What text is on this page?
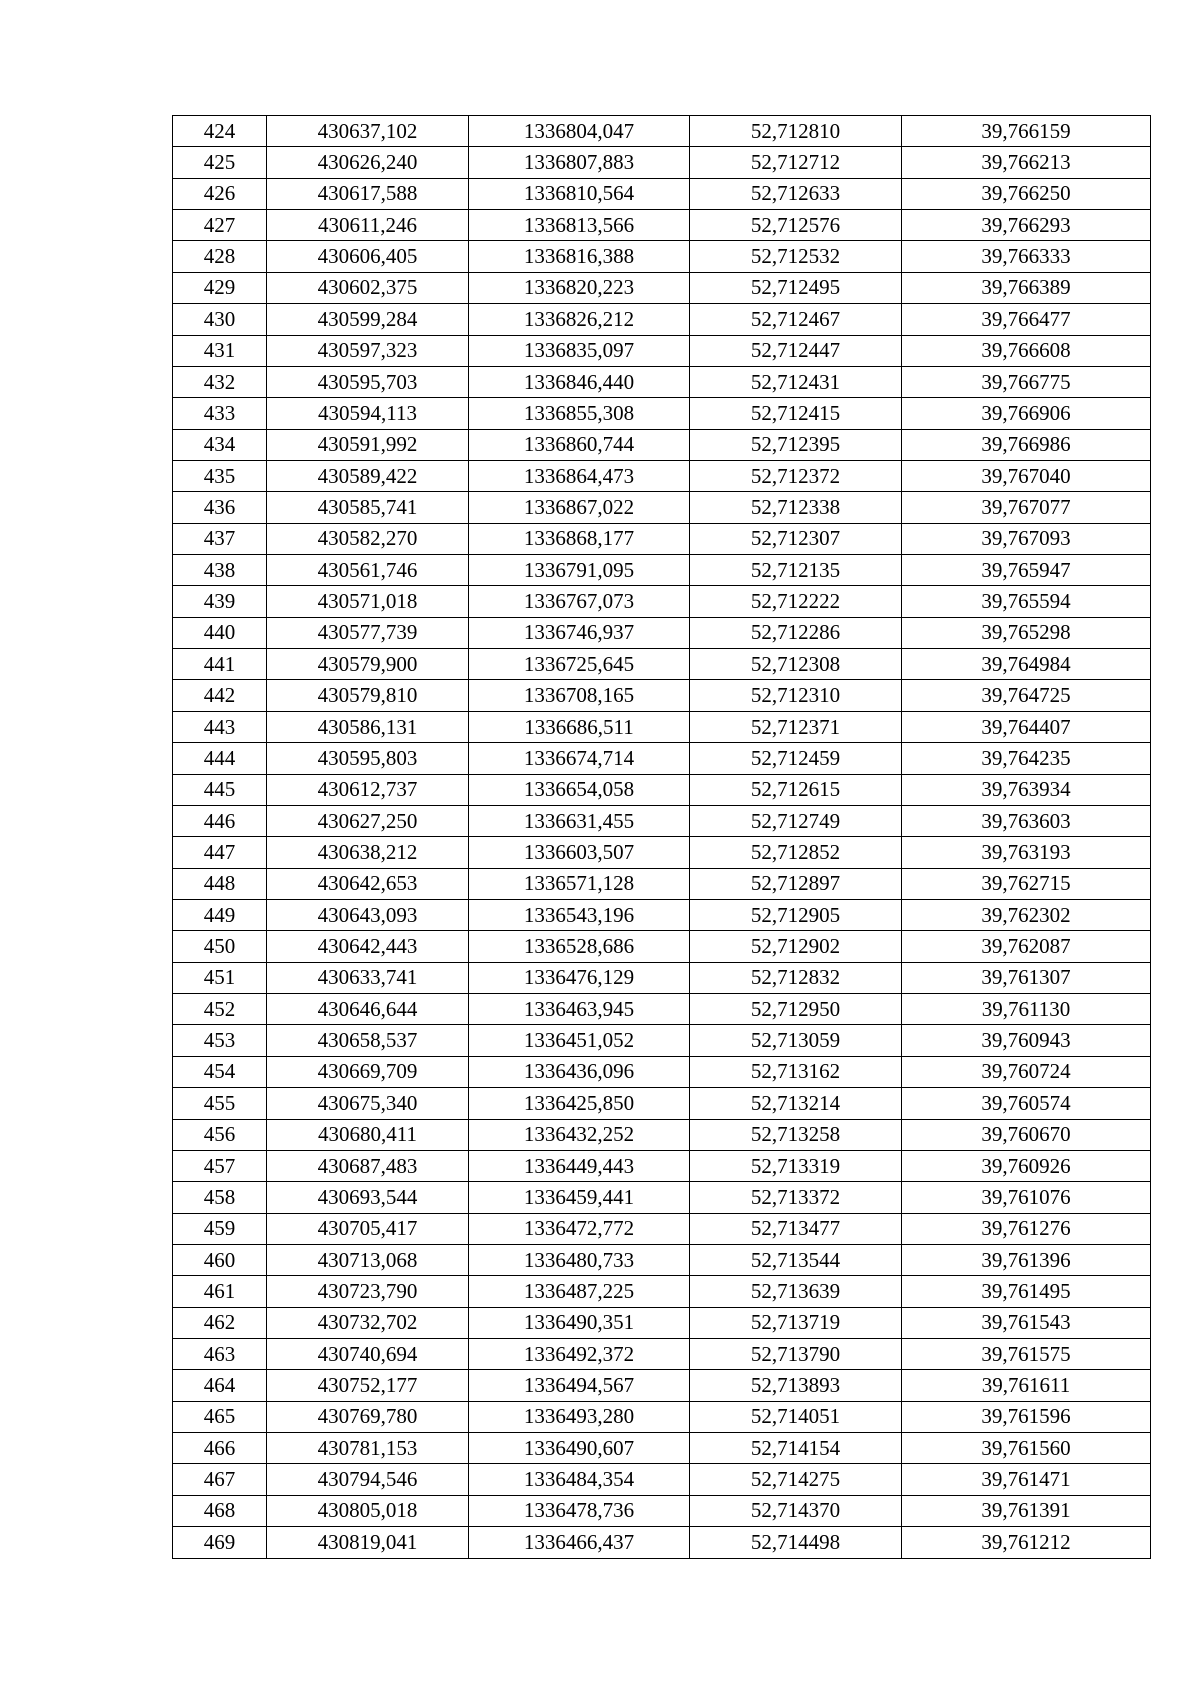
424	430637,102	1336804,047	52,712810	39,766159
425	430626,240	1336807,883	52,712712	39,766213
426	430617,588	1336810,564	52,712633	39,766250
427	430611,246	1336813,566	52,712576	39,766293
428	430606,405	1336816,388	52,712532	39,766333
429	430602,375	1336820,223	52,712495	39,766389
430	430599,284	1336826,212	52,712467	39,766477
431	430597,323	1336835,097	52,712447	39,766608
432	430595,703	1336846,440	52,712431	39,766775
433	430594,113	1336855,308	52,712415	39,766906
434	430591,992	1336860,744	52,712395	39,766986
435	430589,422	1336864,473	52,712372	39,767040
436	430585,741	1336867,022	52,712338	39,767077
437	430582,270	1336868,177	52,712307	39,767093
438	430561,746	1336791,095	52,712135	39,765947
439	430571,018	1336767,073	52,712222	39,765594
440	430577,739	1336746,937	52,712286	39,765298
441	430579,900	1336725,645	52,712308	39,764984
442	430579,810	1336708,165	52,712310	39,764725
443	430586,131	1336686,511	52,712371	39,764407
444	430595,803	1336674,714	52,712459	39,764235
445	430612,737	1336654,058	52,712615	39,763934
446	430627,250	1336631,455	52,712749	39,763603
447	430638,212	1336603,507	52,712852	39,763193
448	430642,653	1336571,128	52,712897	39,762715
449	430643,093	1336543,196	52,712905	39,762302
450	430642,443	1336528,686	52,712902	39,762087
451	430633,741	1336476,129	52,712832	39,761307
452	430646,644	1336463,945	52,712950	39,761130
453	430658,537	1336451,052	52,713059	39,760943
454	430669,709	1336436,096	52,713162	39,760724
455	430675,340	1336425,850	52,713214	39,760574
456	430680,411	1336432,252	52,713258	39,760670
457	430687,483	1336449,443	52,713319	39,760926
458	430693,544	1336459,441	52,713372	39,761076
459	430705,417	1336472,772	52,713477	39,761276
460	430713,068	1336480,733	52,713544	39,761396
461	430723,790	1336487,225	52,713639	39,761495
462	430732,702	1336490,351	52,713719	39,761543
463	430740,694	1336492,372	52,713790	39,761575
464	430752,177	1336494,567	52,713893	39,761611
465	430769,780	1336493,280	52,714051	39,761596
466	430781,153	1336490,607	52,714154	39,761560
467	430794,546	1336484,354	52,714275	39,761471
468	430805,018	1336478,736	52,714370	39,761391
469	430819,041	1336466,437	52,714498	39,761212
